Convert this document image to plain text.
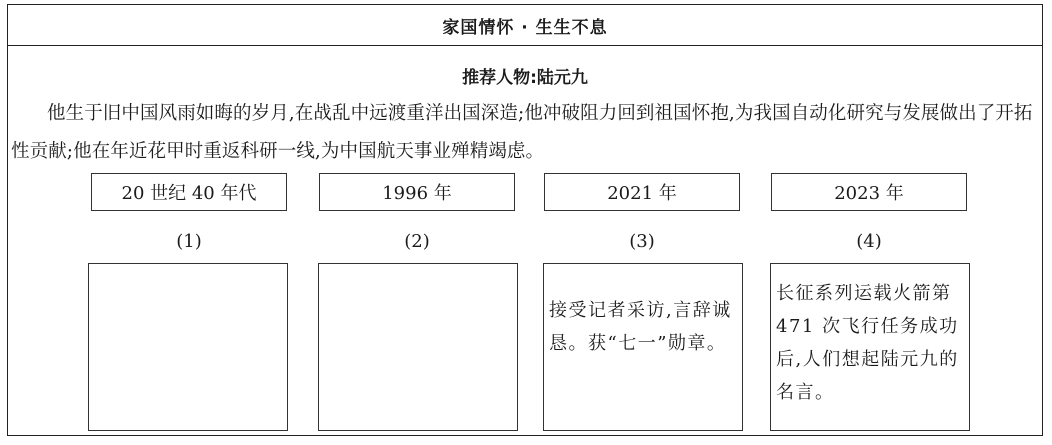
家国情怀 · 生生不息
推荐人物:陆元九
他生于旧中国风雨如晦的岁月,在战乱中远渡重洋出国深造;他冲破阻力回到祖国怀抱,为我国自动化研究与发展做出了开拓性贡献;他在年近花甲时重返科研一线,为中国航天事业殚精竭虑。
20 世纪 40 年代	1996 年	2021 年	2023 年
(1)	(2)	(3)	(4)
接受记者采访,言辞诚恳。获“七一”勋章。
长征系列运载火箭第 471 次飞行任务成功后,人们想起陆元九的名言。
